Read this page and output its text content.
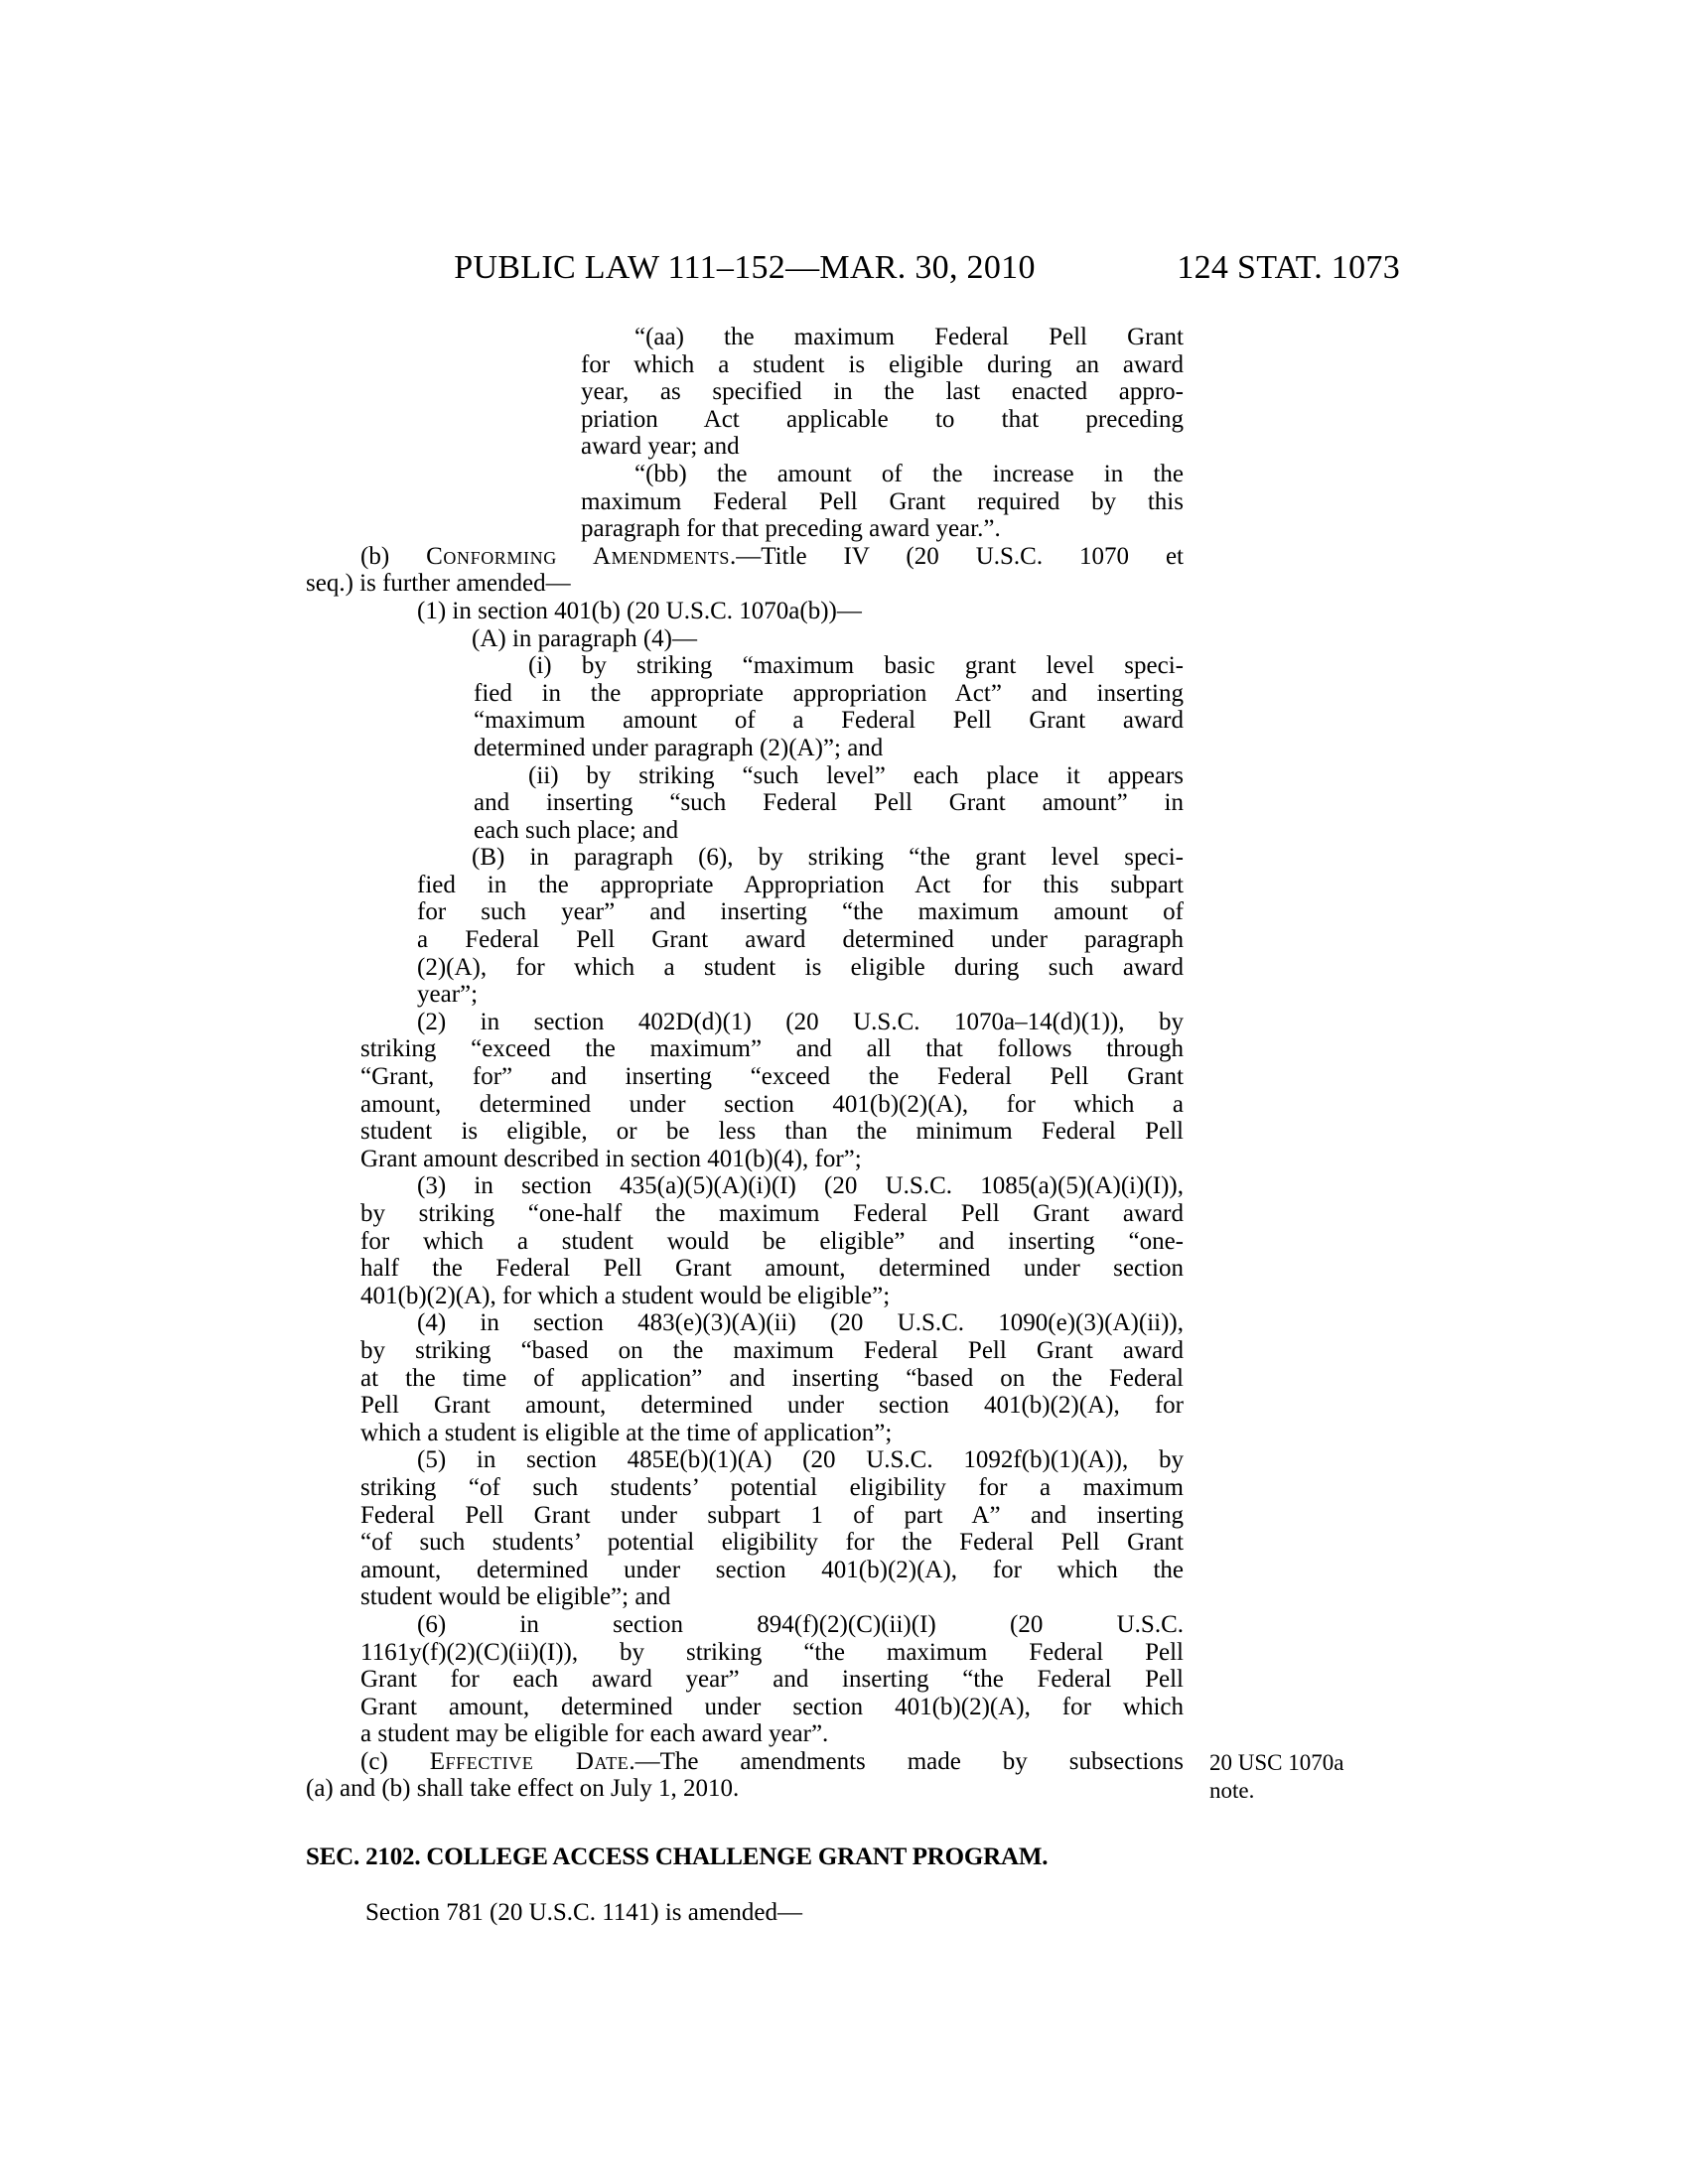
PUBLIC LAW 111–152—MAR. 30, 2010	124 STAT. 1073
“(aa) the maximum Federal Pell Grant
for which a student is eligible during an award
year, as specified in the last enacted appro-
priation Act applicable to that preceding
award year; and
“(bb) the amount of the increase in the
maximum Federal Pell Grant required by this
paragraph for that preceding award year.”.
(b) Conforming Amendments.—Title IV (20 U.S.C. 1070 et
seq.) is further amended—
(1) in section 401(b) (20 U.S.C. 1070a(b))—
(A) in paragraph (4)—
(i) by striking “maximum basic grant level speci-
fied in the appropriate appropriation Act” and inserting
“maximum amount of a Federal Pell Grant award
determined under paragraph (2)(A)”; and
(ii) by striking “such level” each place it appears
and inserting “such Federal Pell Grant amount” in
each such place; and
(B) in paragraph (6), by striking “the grant level speci-
fied in the appropriate Appropriation Act for this subpart
for such year” and inserting “the maximum amount of
a Federal Pell Grant award determined under paragraph
(2)(A), for which a student is eligible during such award
year”;
(2) in section 402D(d)(1) (20 U.S.C. 1070a–14(d)(1)), by
striking “exceed the maximum” and all that follows through
“Grant, for” and inserting “exceed the Federal Pell Grant
amount, determined under section 401(b)(2)(A), for which a
student is eligible, or be less than the minimum Federal Pell
Grant amount described in section 401(b)(4), for”;
(3) in section 435(a)(5)(A)(i)(I) (20 U.S.C. 1085(a)(5)(A)(i)(I)),
by striking “one-half the maximum Federal Pell Grant award
for which a student would be eligible” and inserting “one-
half the Federal Pell Grant amount, determined under section
401(b)(2)(A), for which a student would be eligible”;
(4) in section 483(e)(3)(A)(ii) (20 U.S.C. 1090(e)(3)(A)(ii)),
by striking “based on the maximum Federal Pell Grant award
at the time of application” and inserting “based on the Federal
Pell Grant amount, determined under section 401(b)(2)(A), for
which a student is eligible at the time of application”;
(5) in section 485E(b)(1)(A) (20 U.S.C. 1092f(b)(1)(A)), by
striking “of such students’ potential eligibility for a maximum
Federal Pell Grant under subpart 1 of part A” and inserting
“of such students’ potential eligibility for the Federal Pell Grant
amount, determined under section 401(b)(2)(A), for which the
student would be eligible”; and
(6) in section 894(f)(2)(C)(ii)(I) (20 U.S.C.
1161y(f)(2)(C)(ii)(I)), by striking “the maximum Federal Pell
Grant for each award year” and inserting “the Federal Pell
Grant amount, determined under section 401(b)(2)(A), for which
a student may be eligible for each award year”.
(c) Effective Date.—The amendments made by subsections
(a) and (b) shall take effect on July 1, 2010.
SEC. 2102. COLLEGE ACCESS CHALLENGE GRANT PROGRAM.
Section 781 (20 U.S.C. 1141) is amended—
20 USC 1070a
note.
